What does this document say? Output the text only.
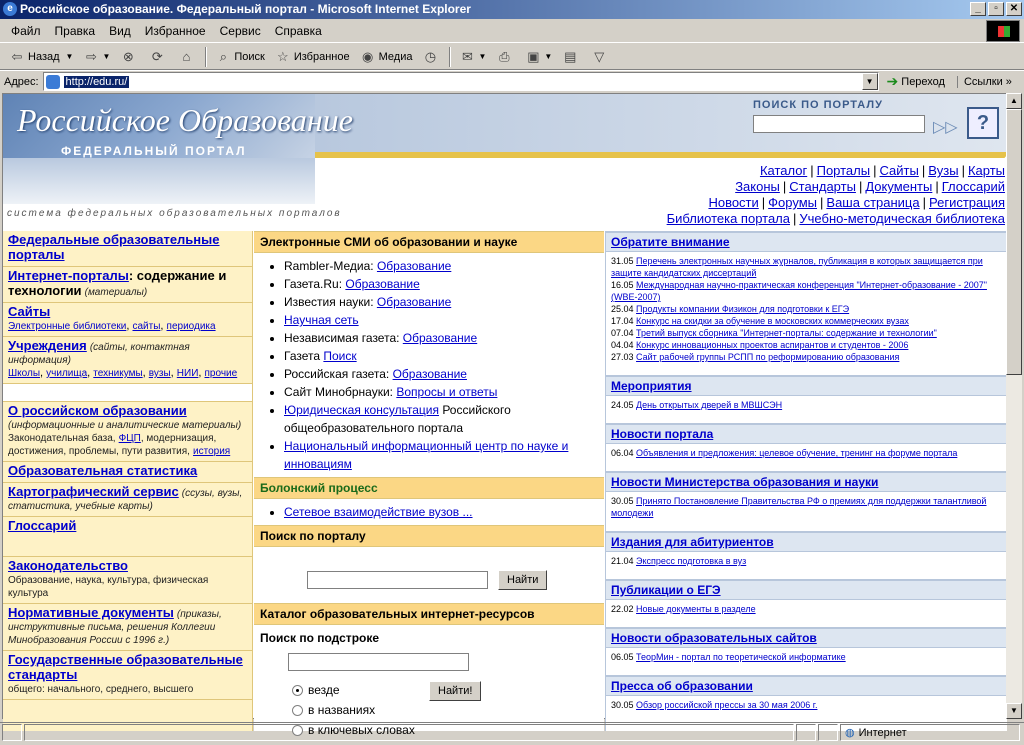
e Российское образование. Федеральный портал - Microsoft Internet Explorer	_	▫	✕
Файл	Правка	Вид	Избранное	Сервис	Справка
⇦ Назад ▼ ⇨ ▼ ⊗ ⟳	⌂	⌕ Поиск ☆ Избранное ◉ Медиа ◷ ✉ ▼ ⎙ ▣ ▼ ▤ ▽
Адрес:	http://edu.ru/	▼ ➔ Переход	Ссылки »
Российское Образование
ФЕДЕРАЛЬНЫЙ ПОРТАЛ
система федеральных образовательных порталов
ПОИСК ПО ПОРТАЛУ
▷▷ ?
Каталог | Порталы | Сайты | Вузы | Карты
Законы | Стандарты | Документы | Глоссарий
Новости | Форумы | Ваша страница | Регистрация
Библиотека портала | Учебно-методическая библиотека
Федеральные образовательные порталы
Интернет-порталы: содержание и технологии (материалы)
Сайты
Электронные библиотеки, сайты, периодика
Учреждения (сайты, контактная информация)
Школы, училища, техникумы, вузы, НИИ, прочие
О российском образовании
(информационные и аналитические материалы)
Законодательная база, ФЦП, модернизация, достижения, проблемы, пути развития, история
Образовательная статистика
Картографический сервис (ссузы, вузы, статистика, учебные карты)
Глоссарий
Законодательство
Образование, наука, культура, физическая культура
Нормативные документы (приказы, инструктивные письма, решения Коллегии Минобразования России с 1996 г.)
Государственные образовательные стандарты
общего: начального, среднего, высшего
Электронные СМИ об образовании и науке
• Rambler-Медиа: Образование
• Газета.Ru: Образование
• Известия науки: Образование
• Научная сеть
• Независимая газета: Образование
• Газета Поиск
• Российская газета: Образование
• Сайт Минобрнауки: Вопросы и ответы
• Юридическая консультация Российского общеобразовательного портала
• Национальный информационный центр по науке и инновациям
Болонский процесс
• Сетевое взаимодействие вузов ...
Поиск по порталу
Найти
Каталог образовательных интернет-ресурсов
Поиск по подстроке
Найти!
везде
в названиях
в ключевых словах
Обратите внимание
31.05 Перечень электронных научных журналов, публикация в которых защищается при защите кандидатских диссертаций
16.05 Международная научно-практическая конференция "Интернет-образование - 2007" (WBE-2007)
25.04 Продукты компании Физикон для подготовки к ЕГЭ
17.04 Конкурс на скидки за обучение в московских коммерческих вузах
07.04 Третий выпуск сборника "Интернет-порталы: содержание и технологии"
04.04 Конкурс инновационных проектов аспирантов и студентов - 2006
27.03 Сайт рабочей группы РСПП по реформированию образования
Мероприятия
24.05 День открытых дверей в МВШСЭН
Новости портала
06.04 Объявления и предложения: целевое обучение, тренинг на форуме портала
Новости Министерства образования и науки
30.05 Принято Постановление Правительства РФ о премиях для поддержки талантливой молодежи
Издания для абитуриентов
21.04 Экспресс подготовка в вуз
Публикации о ЕГЭ
22.02 Новые документы в разделе
Новости образовательных сайтов
06.05 ТеорМин - портал по теоретической информатике
Пресса об образовании
30.05 Обзор российской прессы за 30 мая 2006 г.
▲
▼
◍ Интернет
